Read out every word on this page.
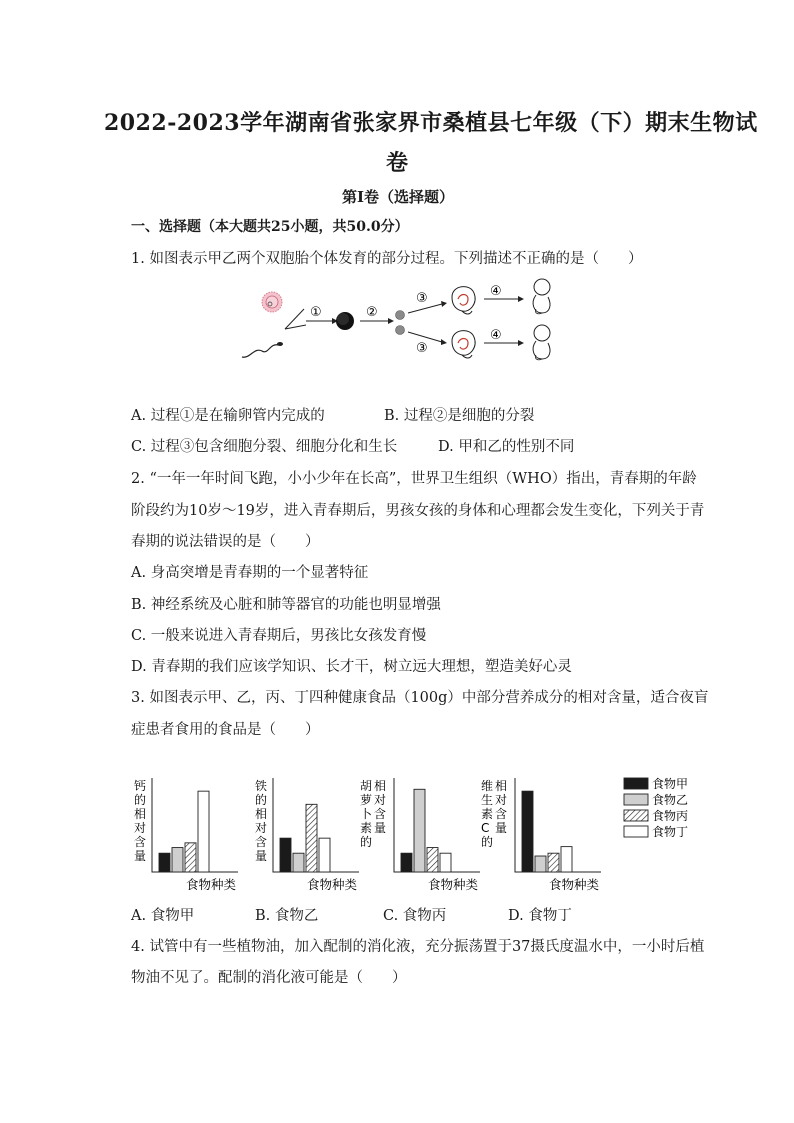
2022-2023学年湖南省张家界市桑植县七年级（下）期末生物试
卷
第I卷（选择题）
一、选择题（本大题共25小题，共50.0分）
1. 如图表示甲乙两个双胞胎个体发育的部分过程。下列描述不正确的是（　　）
①	②
③
③
④
④
A. 过程①是在输卵管内完成的	B. 过程②是细胞的分裂
C. 过程③包含细胞分裂、细胞分化和生长	D. 甲和乙的性别不同
2. “一年一年时间飞跑，小小少年在长高”，世界卫生组织（WHO）指出，青春期的年龄
阶段约为10岁～19岁，进入青春期后，男孩女孩的身体和心理都会发生变化，下列关于青
春期的说法错误的是（　　）
A. 身高突增是青春期的一个显著特征
B. 神经系统及心脏和肺等器官的功能也明显增强
C. 一般来说进入青春期后，男孩比女孩发育慢
D. 青春期的我们应该学知识、长才干，树立远大理想，塑造美好心灵
3. 如图表示甲、乙，丙、丁四种健康食品（100g）中部分营养成分的相对含量，适合夜盲
症患者食用的食品是（　　）
钙
的
相
对
含
量
食物种类
铁
的
相
对
含
量
食物种类
胡
萝
卜
素
的
相
对
含
量
食物种类
维
生
素
C
的
相
对
含
量
食物种类
食物甲
食物乙
食物丙
食物丁
A. 食物甲	B. 食物乙	C. 食物丙	D. 食物丁
4. 试管中有一些植物油，加入配制的消化液，充分振荡置于37摄氏度温水中，一小时后植
物油不见了。配制的消化液可能是（　　）
